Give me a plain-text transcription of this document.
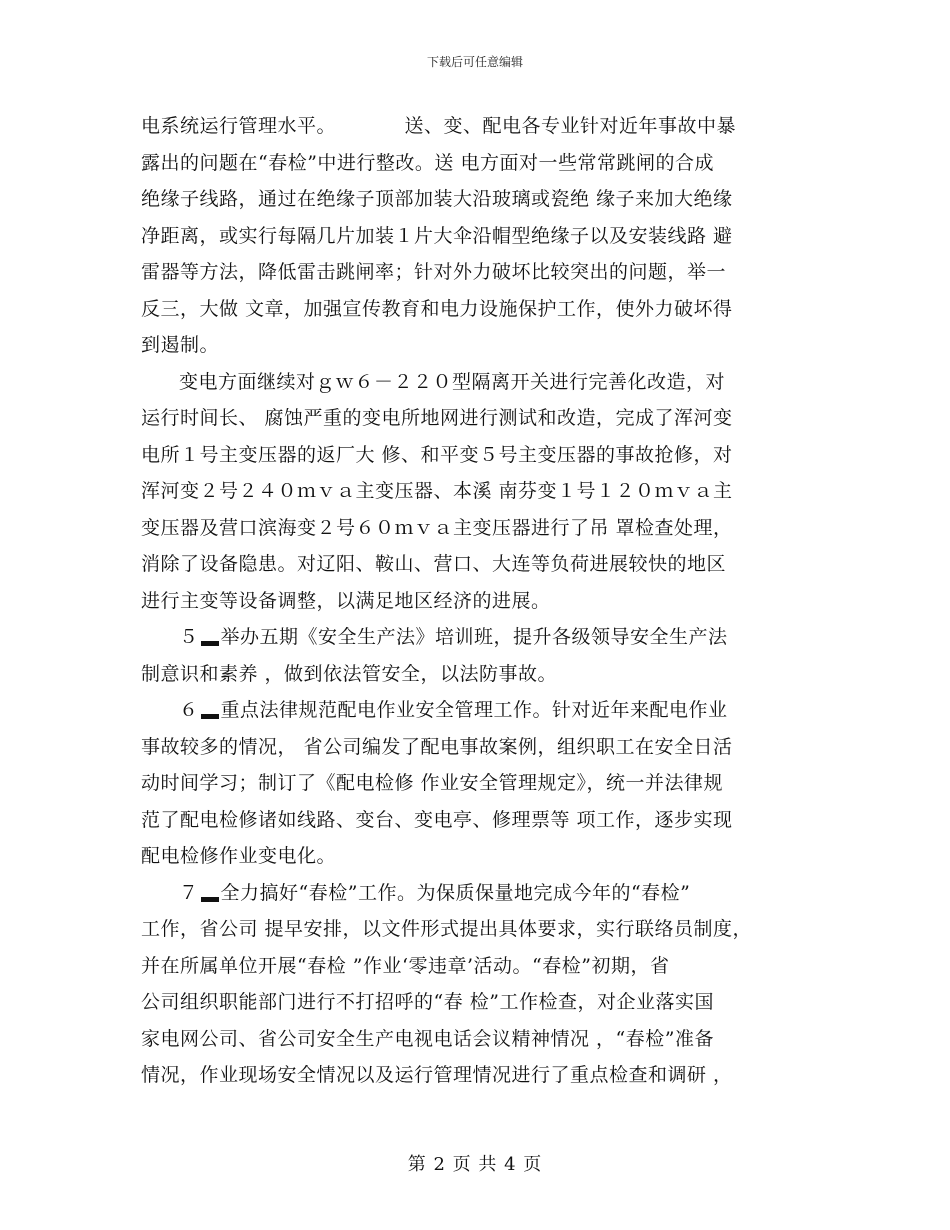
下载后可任意编辑
电系统运行管理水平。　　　　送、变、配电各专业针对近年事故中暴
露出的问题在“春检”中进行整改。送 电方面对一些常常跳闸的合成
绝缘子线路，通过在绝缘子顶部加装大沿玻璃或瓷绝 缘子来加大绝缘
净距离，或实行每隔几片加装１片大伞沿帽型绝缘子以及安装线路 避
雷器等方法，降低雷击跳闸率；针对外力破坏比较突出的问题，举一
反三，大做 文章，加强宣传教育和电力设施保护工作，使外力破坏得
到遏制。
变电方面继续对ｇｗ６－２２０型隔离开关进行完善化改造，对
运行时间长、 腐蚀严重的变电所地网进行测试和改造，完成了浑河变
电所１号主变压器的返厂大 修、和平变５号主变压器的事故抢修，对
浑河变２号２４０ｍｖａ主变压器、本溪 南芬变１号１２０ｍｖａ主
变压器及营口滨海变２号６０ｍｖａ主变压器进行了吊 罩检查处理，
消除了设备隐患。对辽阳、鞍山、营口、大连等负荷进展较快的地区
进行主变等设备调整，以满足地区经济的进展。
５ 举办五期《安全生产法》培训班，提升各级领导安全生产法
制意识和素养 ，做到依法管安全，以法防事故。
６ 重点法律规范配电作业安全管理工作。针对近年来配电作业
事故较多的情况， 省公司编发了配电事故案例，组织职工在安全日活
动时间学习；制订了《配电检修 作业安全管理规定》，统一并法律规
范了配电检修诸如线路、变台、变电亭、修理票等 项工作，逐步实现
配电检修作业变电化。
７ 全力搞好“春检”工作。为保质保量地完成今年的“春检”
工作，省公司 提早安排，以文件形式提出具体要求，实行联络员制度，
并在所属单位开展“春检 ”作业‘零违章’活动。“春检”初期，省
公司组织职能部门进行不打招呼的“春 检”工作检查，对企业落实国
家电网公司、省公司安全生产电视电话会议精神情况 ，“春检”准备
情况，作业现场安全情况以及运行管理情况进行了重点检查和调研 ，
第 2 页 共 4 页
